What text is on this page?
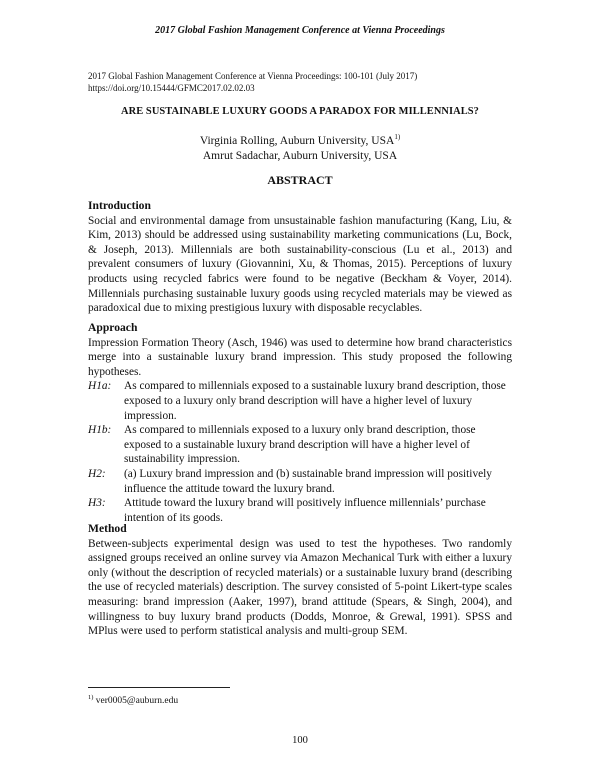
2017 Global Fashion Management Conference at Vienna Proceedings
2017 Global Fashion Management Conference at Vienna Proceedings: 100-101 (July 2017)
https://doi.org/10.15444/GFMC2017.02.02.03
ARE SUSTAINABLE LUXURY GOODS A PARADOX FOR MILLENNIALS?
Virginia Rolling, Auburn University, USA$^{1)}$
Amrut Sadachar, Auburn University, USA
ABSTRACT
Introduction

Social and environmental damage from unsustainable fashion manufacturing (Kang, Liu, & Kim, 2013) should be addressed using sustainability marketing communications (Lu, Bock, & Joseph, 2013). Millennials are both sustainability-conscious (Lu et al., 2013) and prevalent consumers of luxury (Giovannini, Xu, & Thomas, 2015). Perceptions of luxury products using recycled fabrics were found to be negative (Beckham & Voyer, 2014). Millennials purchasing sustainable luxury goods using recycled materials may be viewed as paradoxical due to mixing prestigious luxury with disposable recyclables.

Approach

Impression Formation Theory (Asch, 1946) was used to determine how brand characteristics merge into a sustainable luxury brand impression. This study proposed the following hypotheses.

H1a: As compared to millennials exposed to a sustainable luxury brand description, those exposed to a luxury only brand description will have a higher level of luxury impression.
H1b: As compared to millennials exposed to a luxury only brand description, those exposed to a sustainable luxury brand description will have a higher level of sustainability impression.
H2: (a) Luxury brand impression and (b) sustainable brand impression will positively influence the attitude toward the luxury brand.
H3: Attitude toward the luxury brand will positively influence millennials’ purchase intention of its goods.
Method

Between-subjects experimental design was used to test the hypotheses. Two randomly assigned groups received an online survey via Amazon Mechanical Turk with either a luxury only (without the description of recycled materials) or a sustainable luxury brand (describing the use of recycled materials) description. The survey consisted of 5-point Likert-type scales measuring: brand impression (Aaker, 1997), brand attitude (Spears, & Singh, 2004), and willingness to buy luxury brand products (Dodds, Monroe, & Grewal, 1991). SPSS and MPlus were used to perform statistical analysis and multi-group SEM.

$^{1)}$ ver0005@auburn.edu
100
